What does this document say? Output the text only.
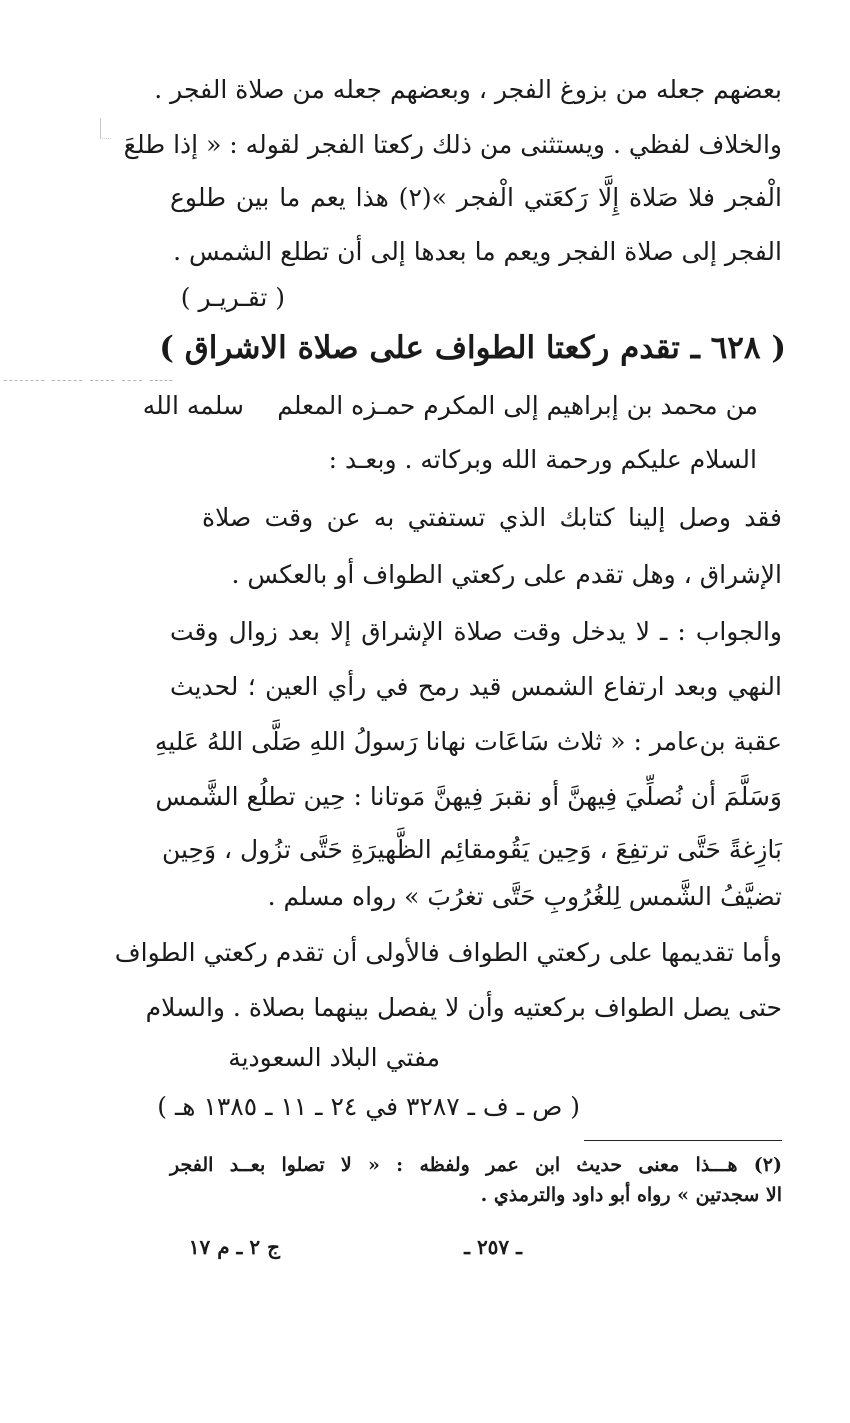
بعضهم جعله من بزوغ الفجر ، وبعضهم جعله من صلاة الفجر .

والخلاف لفظي . ويستثنى من ذلك ركعتا الفجر لقوله : « إذا طلعَ

الْفجر فلا صَلاة إِلَّا رَكعَتي الْفجر »(٢) هذا يعم ما بين طلوع

الفجر إلى صلاة الفجر ويعم ما بعدها إلى أن تطلع الشمس .

( تقـريـر )

( ٦٢٨ ـ تقدم ركعتا الطواف على صلاة الاشراق )

من محمد بن إبراهيم إلى المكرم حمـزه المعلم

سلمه الله

السلام عليكم ورحمة الله وبركاته . وبعـد :

فقد وصل إلينا كتابك الذي تستفتي به عن وقت صلاة

الإشراق ، وهل تقدم على ركعتي الطواف أو بالعكس .

والجواب : ـ لا يدخل وقت صلاة الإشراق إلا بعد زوال وقت

النهي وبعد ارتفاع الشمس قيد رمح في رأي العين ؛ لحديث

عقبة بن‌عامر : « ثلاث سَاعَات نهانا رَسولُ اللهِ صَلَّى اللهُ عَليهِ

وَسَلَّمَ أن نُصلِّيَ فِيهنَّ أو نقبرَ فِيهنَّ مَوتانا : حِين تطلُع الشَّمس

بَازِغةً حَتَّى ترتفِعَ ، وَحِين يَقُومقائِم الظَّهيرَةِ حَتَّى تزُول ، وَحِين

تضيَّفُ الشَّمس لِلغُرُوبِ حَتَّى تغرُبَ » رواه مسلم .

وأما تقديمها على ركعتي الطواف فالأولى أن تقدم ركعتي الطواف

حتى يصل الطواف بركعتيه وأن لا يفصل بينهما بصلاة . والسلام

مفتي البلاد السعودية

( ص ـ ف ـ ٣٢٨٧ في ٢٤ ـ ١١ ـ ١٣٨٥ هـ )

(٢) هـــذا معنى حديث ابن عمر ولفظه : « لا تصلوا بعــد الفجر

الا سجدتين » رواه أبو داود والترمذي .

ـ ٢٥٧ ـ

ج ٢ ـ م ١٧
